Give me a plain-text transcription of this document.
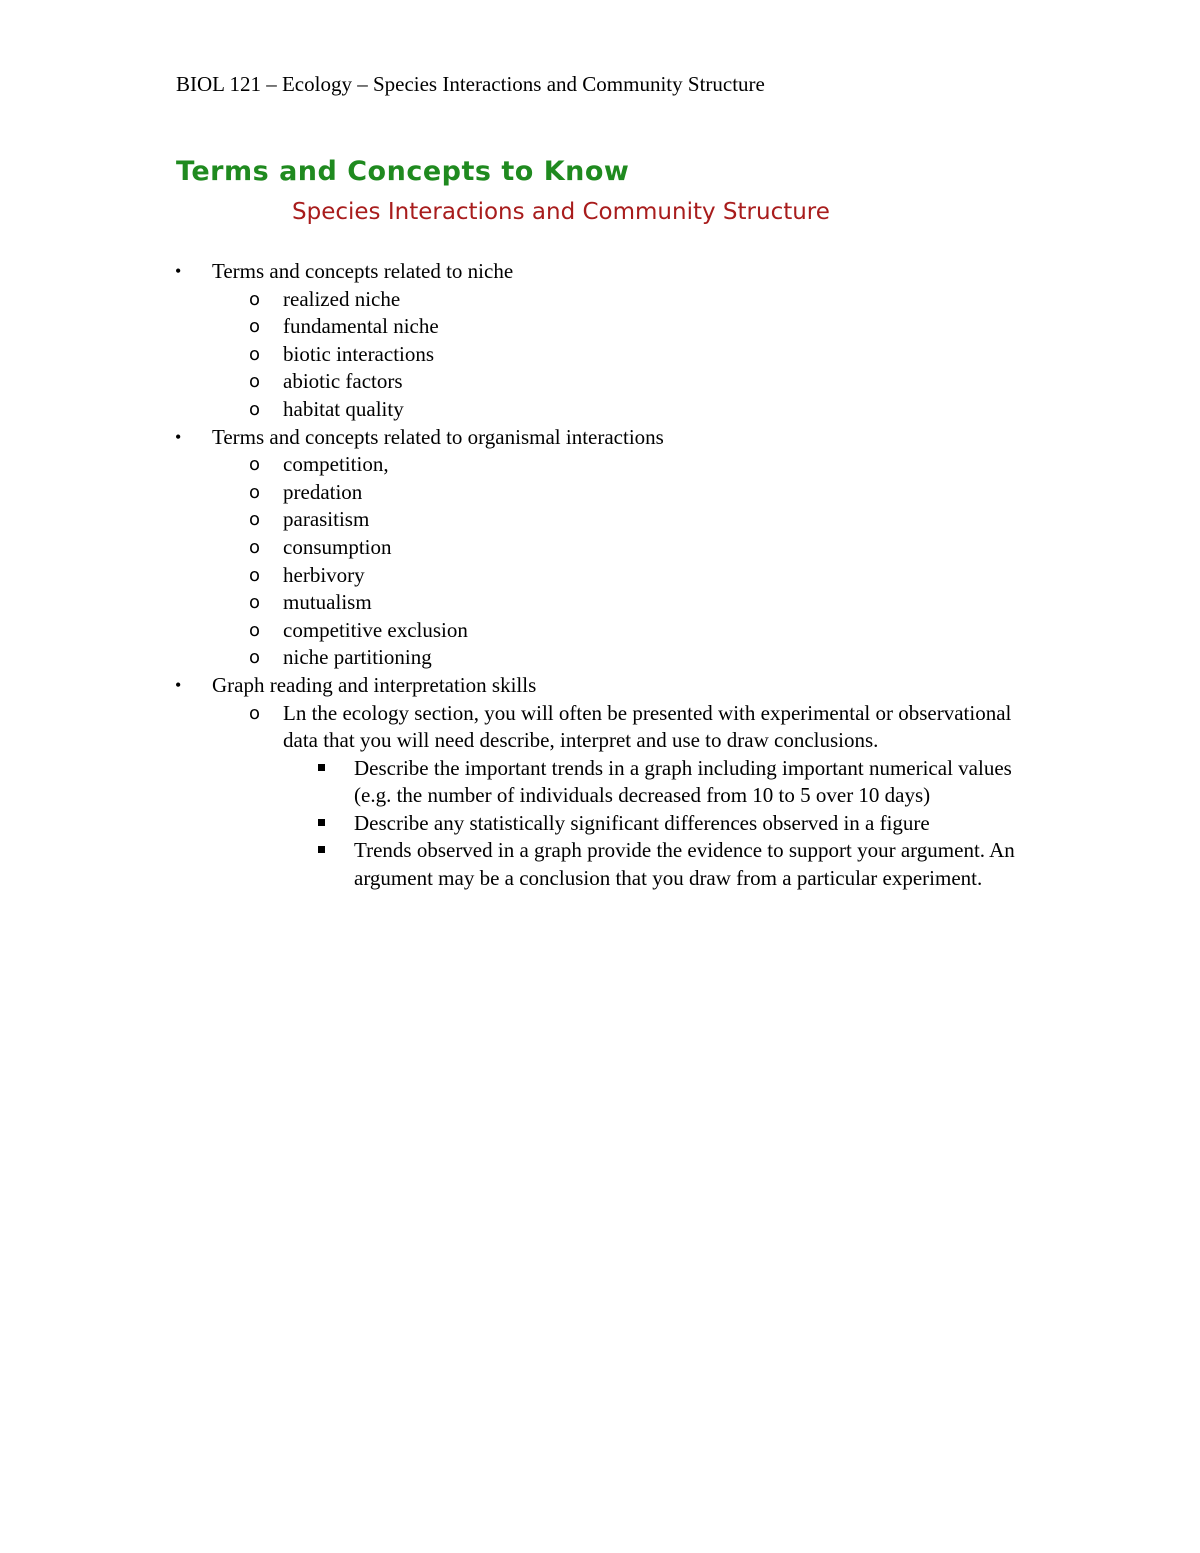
BIOL 121 – Ecology – Species Interactions and Community Structure
Terms and Concepts to Know
Species Interactions and Community Structure
• Terms and concepts related to niche
o realized niche
o fundamental niche
o biotic interactions
o abiotic factors
o habitat quality
• Terms and concepts related to organismal interactions
o competition,
o predation
o parasitism
o consumption
o herbivory
o mutualism
o competitive exclusion
o niche partitioning
• Graph reading and interpretation skills
o Ln the ecology section, you will often be presented with experimental or observational data that you will need describe, interpret and use to draw conclusions.
Describe the important trends in a graph including important numerical values (e.g. the number of individuals decreased from 10 to 5 over 10 days)
Describe any statistically significant differences observed in a figure
Trends observed in a graph provide the evidence to support your argument. An argument may be a conclusion that you draw from a particular experiment.
